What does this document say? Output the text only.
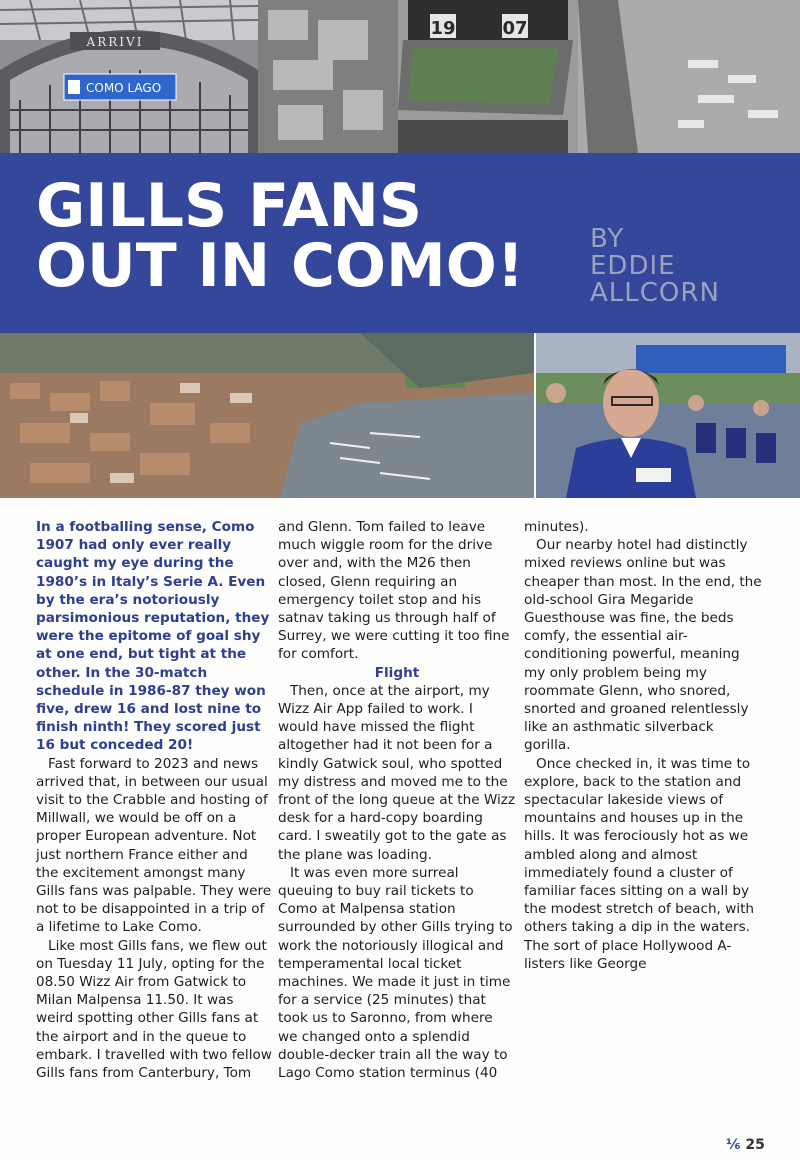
ARRIVI
COMO LAGO
19	07
GILLS FANS
OUT IN COMO!	BY
EDDIE
ALLCORN

In a footballing sense, Como 1907 had only ever really caught my eye during the 1980’s in Italy’s Serie A. Even by the era’s notoriously parsimonious reputation, they were the epitome of goal shy at one end, but tight at the other. In the 30-match schedule in 1986-87 they won five, drew 16 and lost nine to finish ninth! They scored just 16 but conceded 20!

Fast forward to 2023 and news arrived that, in between our usual visit to the Crabble and hosting of Millwall, we would be off on a proper European adventure. Not just northern France either and the excitement amongst many Gills fans was palpable. They were not to be disappointed in a trip of a lifetime to Lake Como.

Like most Gills fans, we flew out on Tuesday 11 July, opting for the 08.50 Wizz Air from Gatwick to Milan Malpensa 11.50. It was weird spotting other Gills fans at the airport and in the queue to embark. I travelled with two fellow Gills fans from Canterbury, Tom

and Glenn. Tom failed to leave much wiggle room for the drive over and, with the M26 then closed, Glenn requiring an emergency toilet stop and his satnav taking us through half of Surrey, we were cutting it too fine for comfort.

Flight

Then, once at the airport, my Wizz Air App failed to work. I would have missed the flight altogether had it not been for a kindly Gatwick soul, who spotted my distress and moved me to the front of the long queue at the Wizz desk for a hard-copy boarding card. I sweatily got to the gate as the plane was loading.

It was even more surreal queuing to buy rail tickets to Como at Malpensa station surrounded by other Gills trying to work the notoriously illogical and temperamental local ticket machines. We made it just in time for a service (25 minutes) that took us to Saronno, from where we changed onto a splendid double-decker train all the way to Lago Como station terminus (40

minutes).

Our nearby hotel had distinctly mixed reviews online but was cheaper than most. In the end, the old-school Gira Megaride Guesthouse was fine, the beds comfy, the essential air-conditioning powerful, meaning my only problem being my roommate Glenn, who snored, snorted and groaned relentlessly like an asthmatic silverback gorilla.

Once checked in, it was time to explore, back to the station and spectacular lakeside views of mountains and houses up in the hills. It was ferociously hot as we ambled along and almost immediately found a cluster of familiar faces sitting on a wall by the modest stretch of beach, with others taking a dip in the waters. The sort of place Hollywood A-listers like George

⅙ 25
